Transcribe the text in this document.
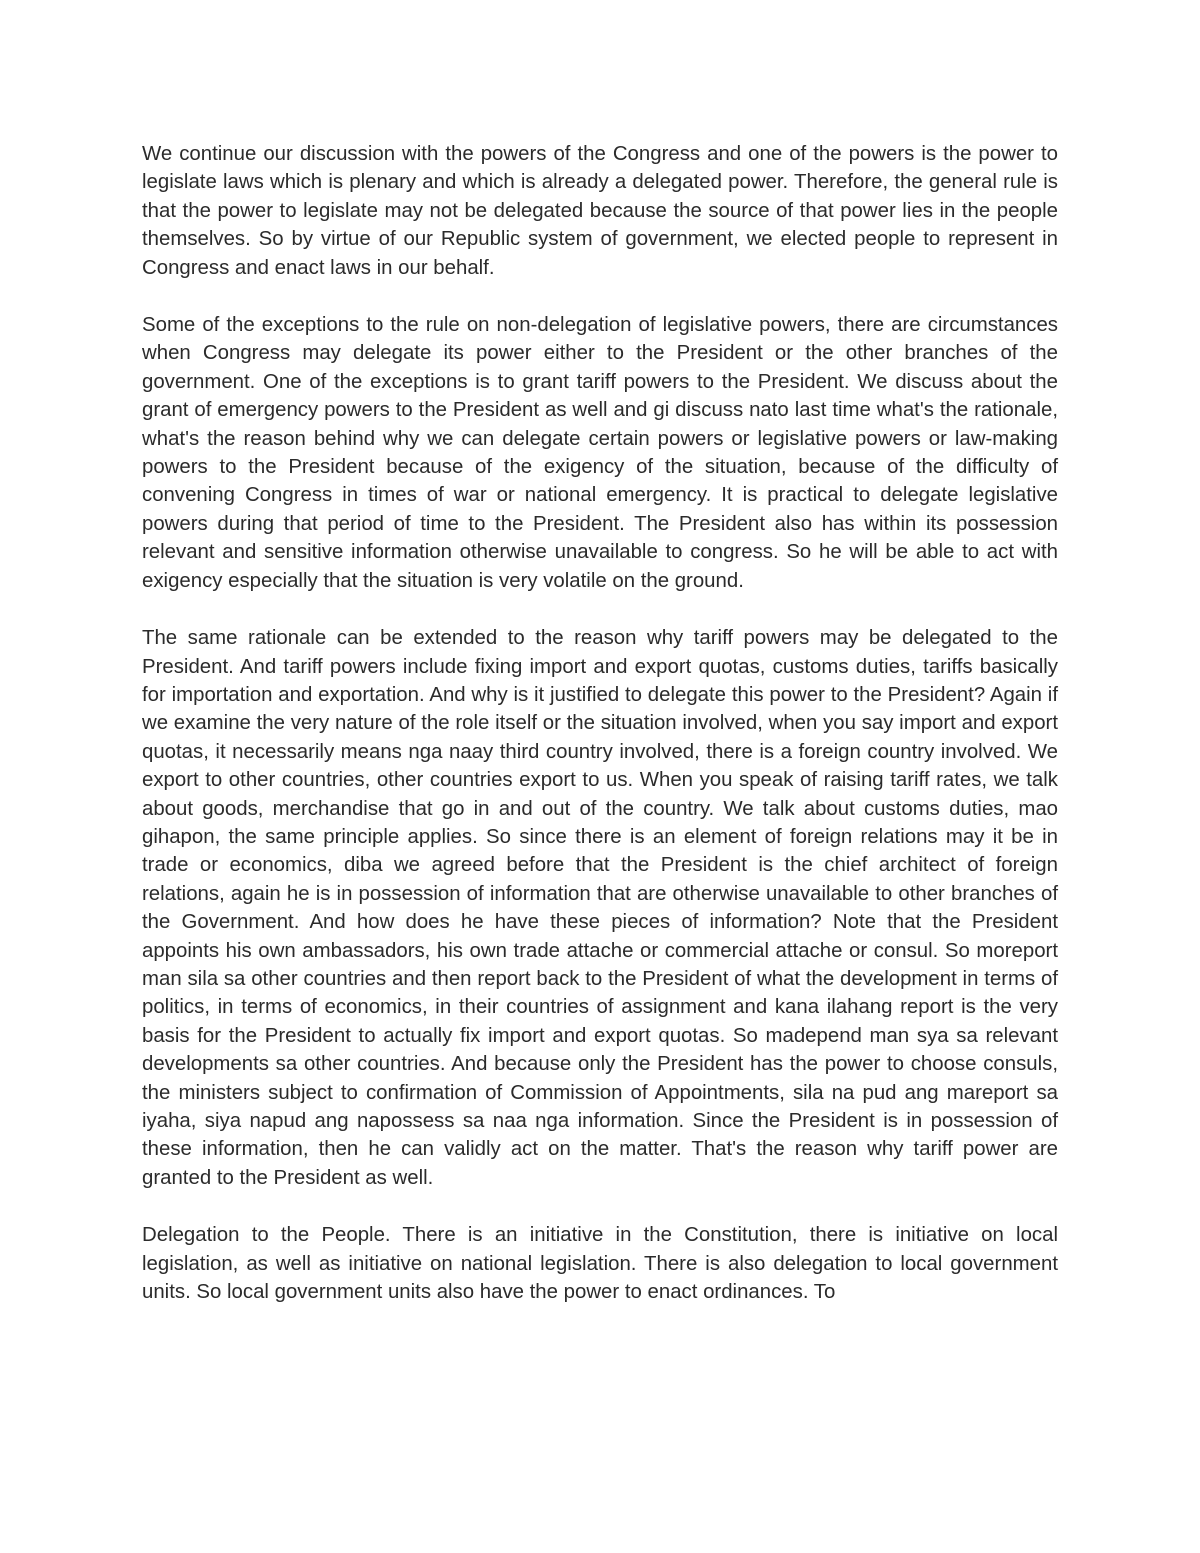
We continue our discussion with the powers of the Congress and one of the powers is the power to legislate laws which is plenary and which is already a delegated power. Therefore, the general rule is that the power to legislate may not be delegated because the source of that power lies in the people themselves. So by virtue of our Republic system of government, we elected people to represent in Congress and enact laws in our behalf.

Some of the exceptions to the rule on non-delegation of legislative powers, there are circumstances when Congress may delegate its power either to the President or the other branches of the government. One of the exceptions is to grant tariff powers to the President. We discuss about the grant of emergency powers to the President as well and gi discuss nato last time what's the rationale, what's the reason behind why we can delegate certain powers or legislative powers or law-making powers to the President because of the exigency of the situation, because of the difficulty of convening Congress in times of war or national emergency. It is practical to delegate legislative powers during that period of time to the President. The President also has within its possession relevant and sensitive information otherwise unavailable to congress. So he will be able to act with exigency especially that the situation is very volatile on the ground.

The same rationale can be extended to the reason why tariff powers may be delegated to the President. And tariff powers include fixing import and export quotas, customs duties, tariffs basically for importation and exportation. And why is it justified to delegate this power to the President? Again if we examine the very nature of the role itself or the situation involved, when you say import and export quotas, it necessarily means nga naay third country involved, there is a foreign country involved. We export to other countries, other countries export to us. When you speak of raising tariff rates, we talk about goods, merchandise that go in and out of the country. We talk about customs duties, mao gihapon, the same principle applies. So since there is an element of foreign relations may it be in trade or economics, diba we agreed before that the President is the chief architect of foreign relations, again he is in possession of information that are otherwise unavailable to other branches of the Government. And how does he have these pieces of information? Note that the President appoints his own ambassadors, his own trade attache or commercial attache or consul. So moreport man sila sa other countries and then report back to the President of what the development in terms of politics, in terms of economics, in their countries of assignment and kana ilahang report is the very basis for the President to actually fix import and export quotas. So madepend man sya sa relevant developments sa other countries. And because only the President has the power to choose consuls, the ministers subject to confirmation of Commission of Appointments, sila na pud ang mareport sa iyaha, siya napud ang napossess sa naa nga information. Since the President is in possession of these information, then he can validly act on the matter. That's the reason why tariff power are granted to the President as well.

Delegation to the People. There is an initiative in the Constitution, there is initiative on local legislation, as well as initiative on national legislation. There is also delegation to local government units. So local government units also have the power to enact ordinances. To
